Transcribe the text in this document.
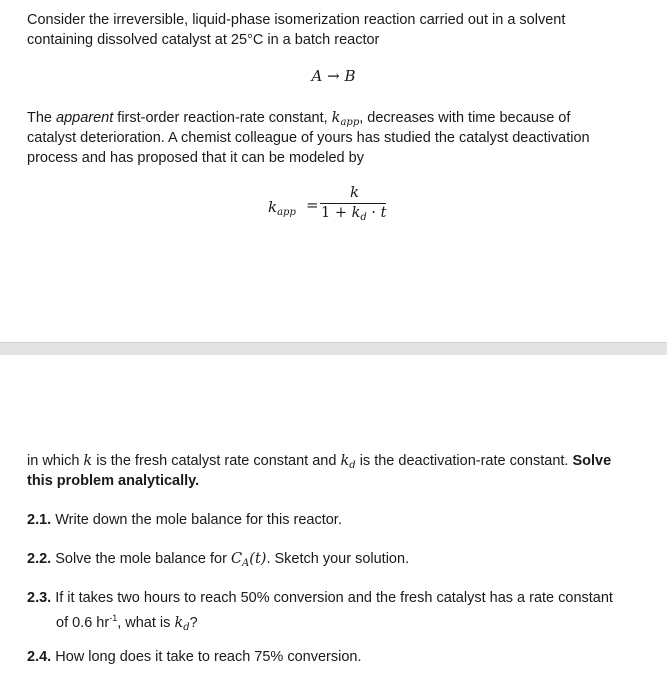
Consider the irreversible, liquid-phase isomerization reaction carried out in a solvent
containing dissolved catalyst at 25°C in a batch reactor
A → B
The apparent first-order reaction-rate constant, $k_{app}$, decreases with time because of
catalyst deterioration. A chemist colleague of yours has studied the catalyst deactivation
process and has proposed that it can be modeled by
$k_{app}$ =
k
$1 + k_d \cdot t$
in which k is the fresh catalyst rate constant and $k_d$ is the deactivation-rate constant. Solve
this problem analytically.
2.1. Write down the mole balance for this reactor.
2.2. Solve the mole balance for $C_A(t)$. Sketch your solution.
2.3. If it takes two hours to reach 50% conversion and the fresh catalyst has a rate constant
of 0.6 $hr^{-1}$, what is $k_d$?
2.4. How long does it take to reach 75% conversion.
